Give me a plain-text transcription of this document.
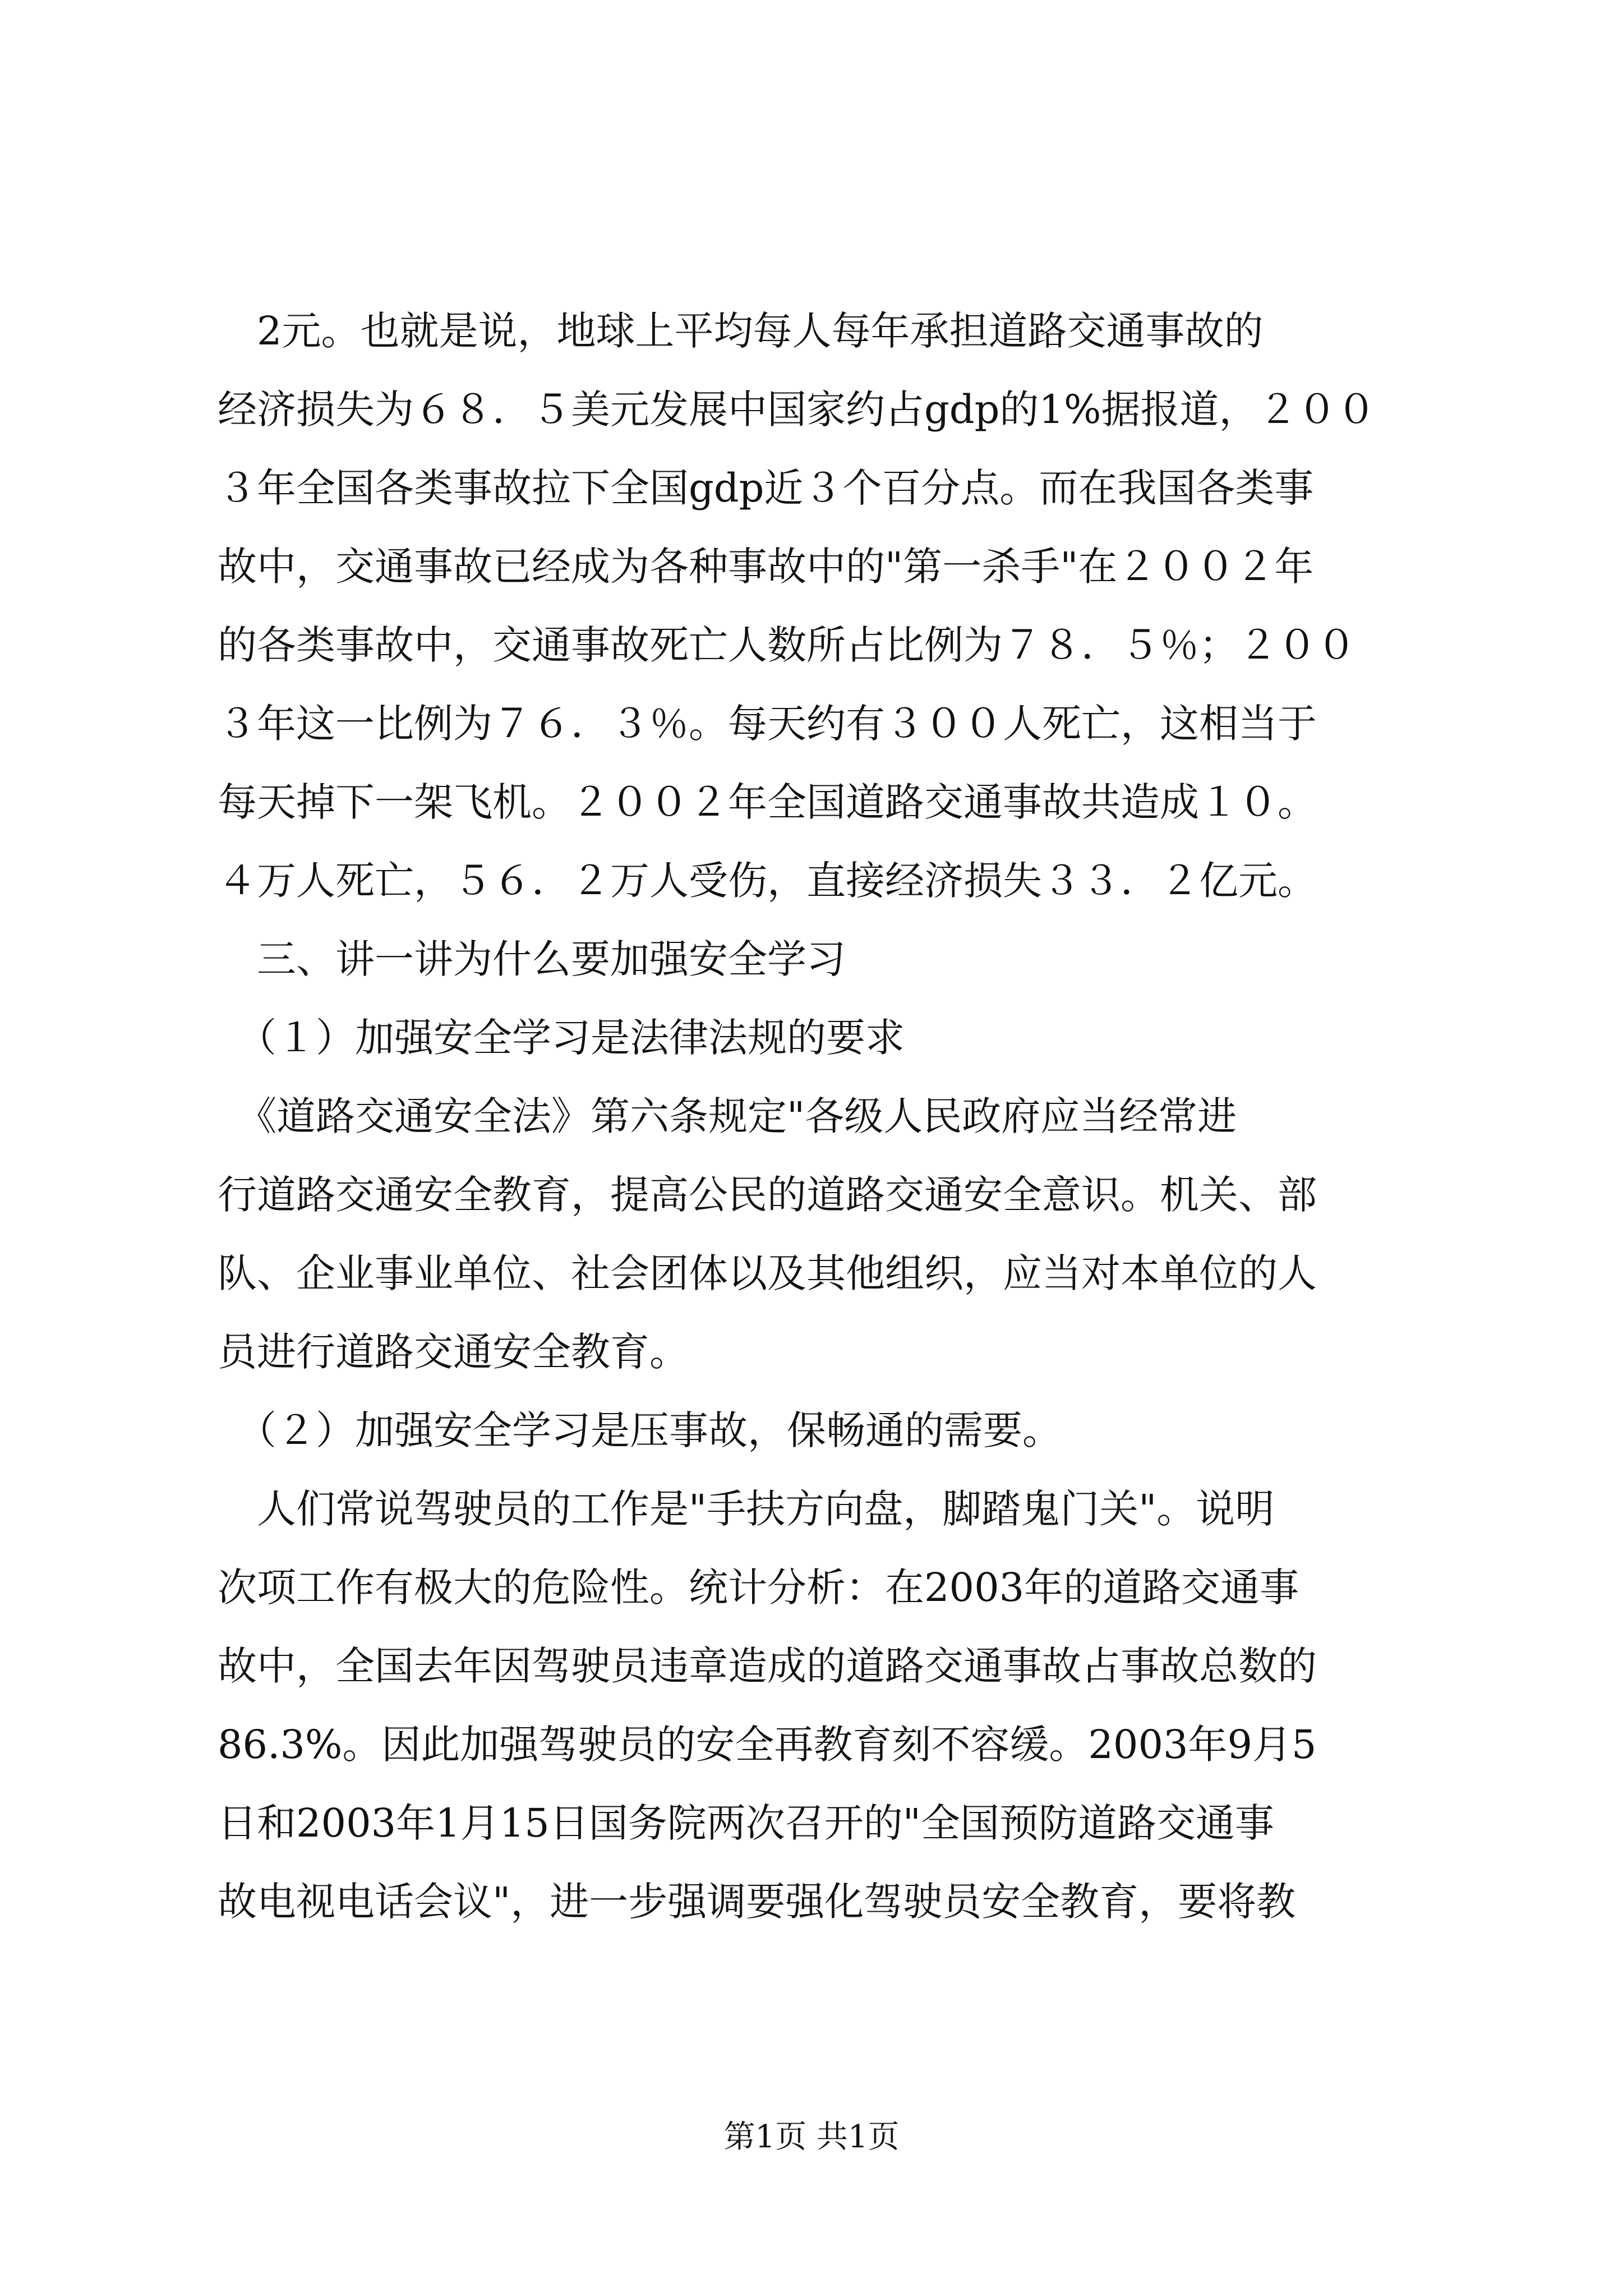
　2元。也就是说，地球上平均每人每年承担道路交通事故的
经济损失为６８．５美元发展中国家约占gdp的1%据报道，２００
３年全国各类事故拉下全国gdp近３个百分点。而在我国各类事
故中，交通事故已经成为各种事故中的"第一杀手"在２００２年
的各类事故中，交通事故死亡人数所占比例为７８．５％；２００
３年这一比例为７６．３％。每天约有３００人死亡，这相当于
每天掉下一架飞机。２００２年全国道路交通事故共造成１０。
４万人死亡，５６．２万人受伤，直接经济损失３３．２亿元。
　三、讲一讲为什么要加强安全学习
　（１）加强安全学习是法律法规的要求
　《道路交通安全法》第六条规定"各级人民政府应当经常进
行道路交通安全教育，提高公民的道路交通安全意识。机关、部
队、企业事业单位、社会团体以及其他组织，应当对本单位的人
员进行道路交通安全教育。
　（２）加强安全学习是压事故，保畅通的需要。
　人们常说驾驶员的工作是"手扶方向盘，脚踏鬼门关"。说明
次项工作有极大的危险性。统计分析：在2003年的道路交通事
故中，全国去年因驾驶员违章造成的道路交通事故占事故总数的
86.3%。因此加强驾驶员的安全再教育刻不容缓。2003年9月5
日和2003年1月15日国务院两次召开的"全国预防道路交通事
故电视电话会议"，进一步强调要强化驾驶员安全教育，要将教
第1页 共1页
